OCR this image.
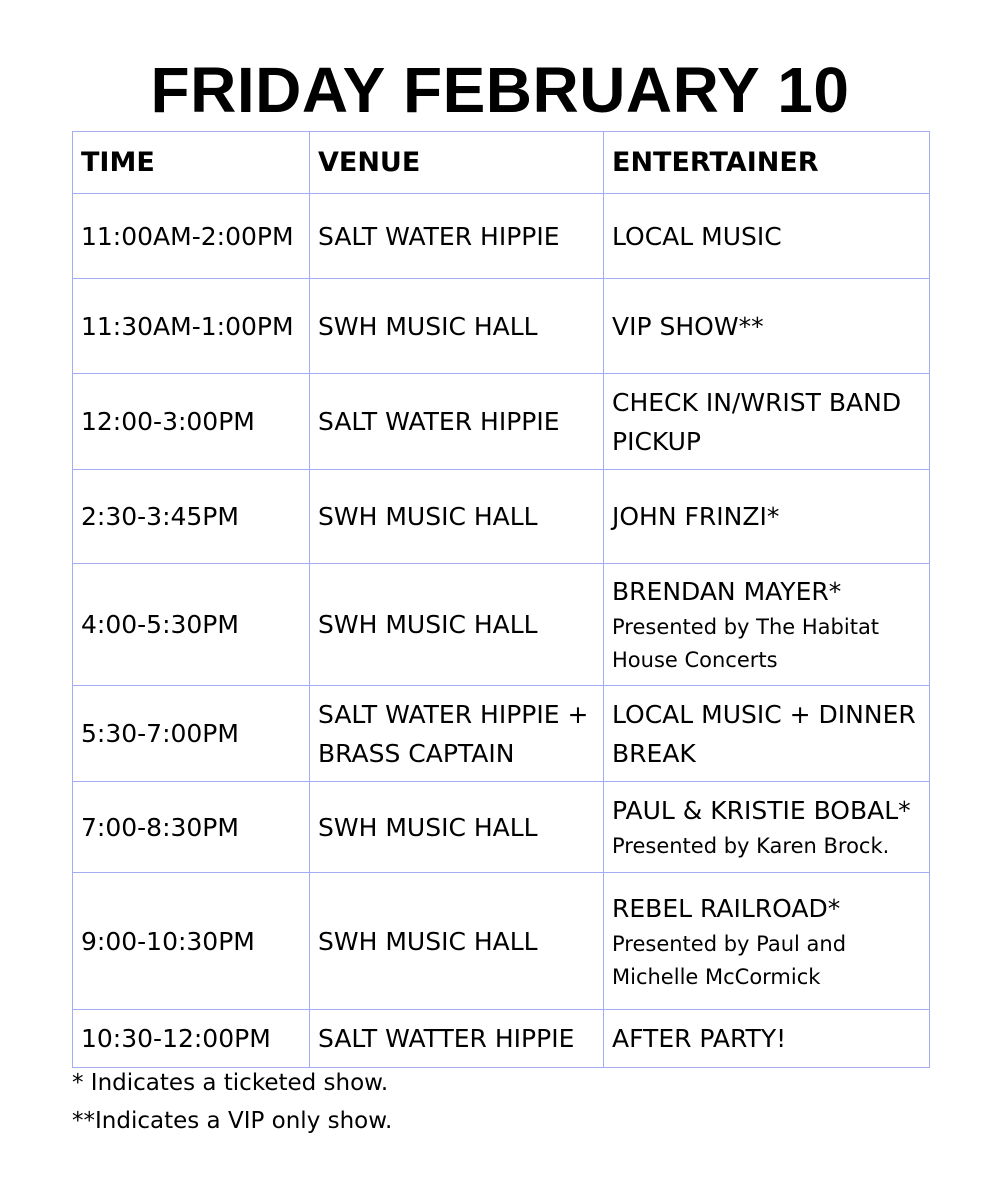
FRIDAY FEBRUARY 10
TIME	VENUE	ENTERTAINER
11:00AM-2:00PM	SALT WATER HIPPIE	LOCAL MUSIC
11:30AM-1:00PM	SWH MUSIC HALL	VIP SHOW**
12:00-3:00PM	SALT WATER HIPPIE	CHECK IN/WRIST BAND PICKUP
2:30-3:45PM	SWH MUSIC HALL	JOHN FRINZI*
4:00-5:30PM	SWH MUSIC HALL	BRENDAN MAYER*
Presented by The Habitat House Concerts

5:30-7:00PM	SALT WATER HIPPIE + BRASS CAPTAIN	LOCAL MUSIC + DINNER BREAK
7:00-8:30PM	SWH MUSIC HALL	PAUL & KRISTIE BOBAL*
Presented by Karen Brock.

9:00-10:30PM	SWH MUSIC HALL	REBEL RAILROAD*
Presented by Paul and Michelle McCormick

10:30-12:00PM	SALT WATTER HIPPIE	AFTER PARTY!
* Indicates a ticketed show.
**Indicates a VIP only show.
